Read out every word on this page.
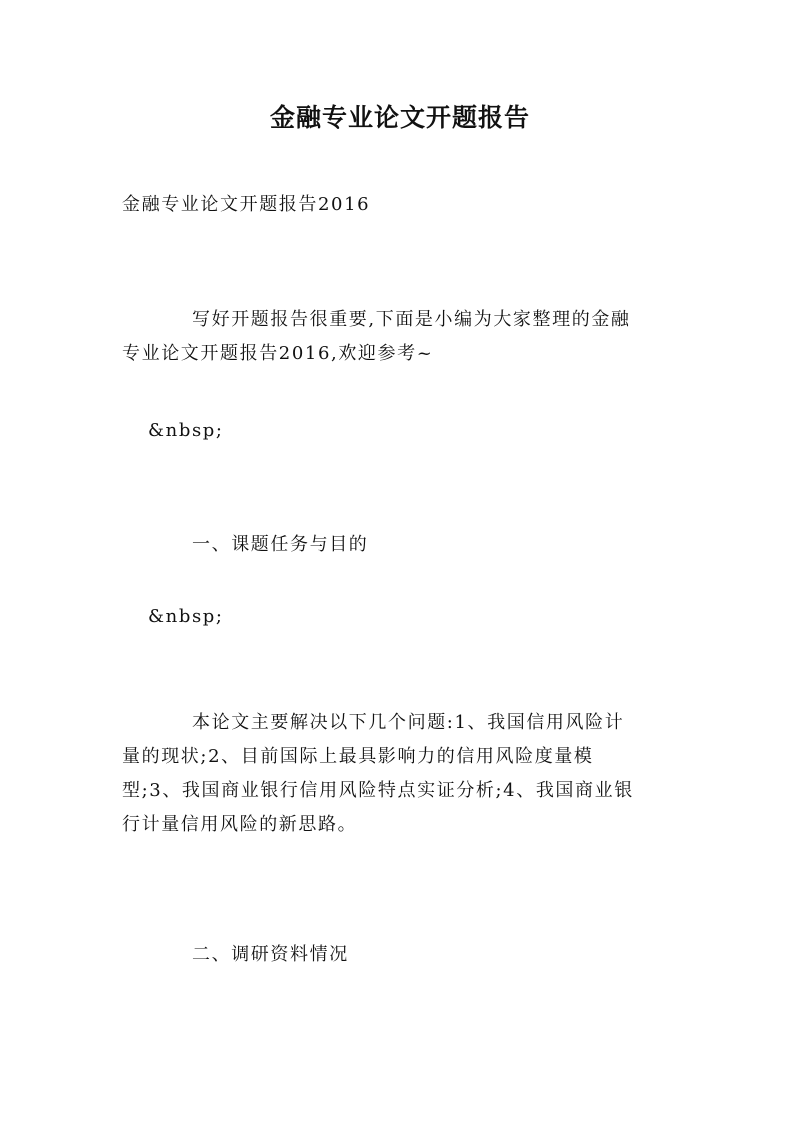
金融专业论文开题报告

金融专业论文开题报告2016

写好开题报告很重要,下面是小编为大家整理的金融
专业论文开题报告2016,欢迎参考~

&nbsp;

一、课题任务与目的

&nbsp;

本论文主要解决以下几个问题:1、我国信用风险计
量的现状;2、目前国际上最具影响力的信用风险度量模
型;3、我国商业银行信用风险特点实证分析;4、我国商业银
行计量信用风险的新思路。

二、调研资料情况
